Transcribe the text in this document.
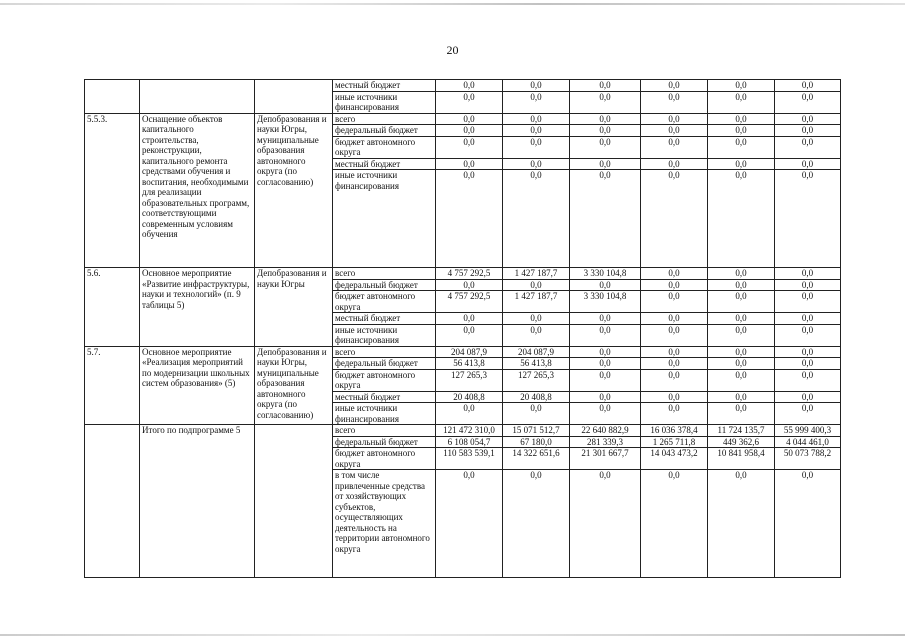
20
			местный бюджет	0,0	0,0	0,0	0,0	0,0	0,0
			иные источники финансирования	0,0	0,0	0,0	0,0	0,0	0,0
5.5.3.	Оснащение объектов капитального строительства, реконструкции, капитального ремонта средствами обучения и воспитания, необходимыми для реализации образовательных программ, соответствующими современным условиям обучения	Депобразования и науки Югры, муниципальные образования автономного округа (по согласованию)	всего	0,0	0,0	0,0	0,0	0,0	0,0
			федеральный бюджет	0,0	0,0	0,0	0,0	0,0	0,0
			бюджет автономного округа	0,0	0,0	0,0	0,0	0,0	0,0
			местный бюджет	0,0	0,0	0,0	0,0	0,0	0,0
			иные источники финансирования	0,0	0,0	0,0	0,0	0,0	0,0
5.6.	Основное мероприятие «Развитие инфраструктуры, науки и технологий» (п. 9 таблицы 5)	Депобразования и науки Югры	всего	4 757 292,5	1 427 187,7	3 330 104,8	0,0	0,0	0,0
			федеральный бюджет	0,0	0,0	0,0	0,0	0,0	0,0
			бюджет автономного округа	4 757 292,5	1 427 187,7	3 330 104,8	0,0	0,0	0,0
			местный бюджет	0,0	0,0	0,0	0,0	0,0	0,0
			иные источники финансирования	0,0	0,0	0,0	0,0	0,0	0,0
5.7.	Основное мероприятие «Реализация мероприятий по модернизации школьных систем образования» (5)	Депобразования и науки Югры, муниципальные образования автономного округа (по согласованию)	всего	204 087,9	204 087,9	0,0	0,0	0,0	0,0
			федеральный бюджет	56 413,8	56 413,8	0,0	0,0	0,0	0,0
			бюджет автономного округа	127 265,3	127 265,3	0,0	0,0	0,0	0,0
			местный бюджет	20 408,8	20 408,8	0,0	0,0	0,0	0,0
			иные источники финансирования	0,0	0,0	0,0	0,0	0,0	0,0
	Итого по подпрограмме 5		всего	121 472 310,0	15 071 512,7	22 640 882,9	16 036 378,4	11 724 135,7	55 999 400,3
			федеральный бюджет	6 108 054,7	67 180,0	281 339,3	1 265 711,8	449 362,6	4 044 461,0
			бюджет автономного округа	110 583 539,1	14 322 651,6	21 301 667,7	14 043 473,2	10 841 958,4	50 073 788,2
			в том числе привлеченные средства от хозяйствующих субъектов, осуществляющих деятельность на территории автономного округа	0,0	0,0	0,0	0,0	0,0	0,0
